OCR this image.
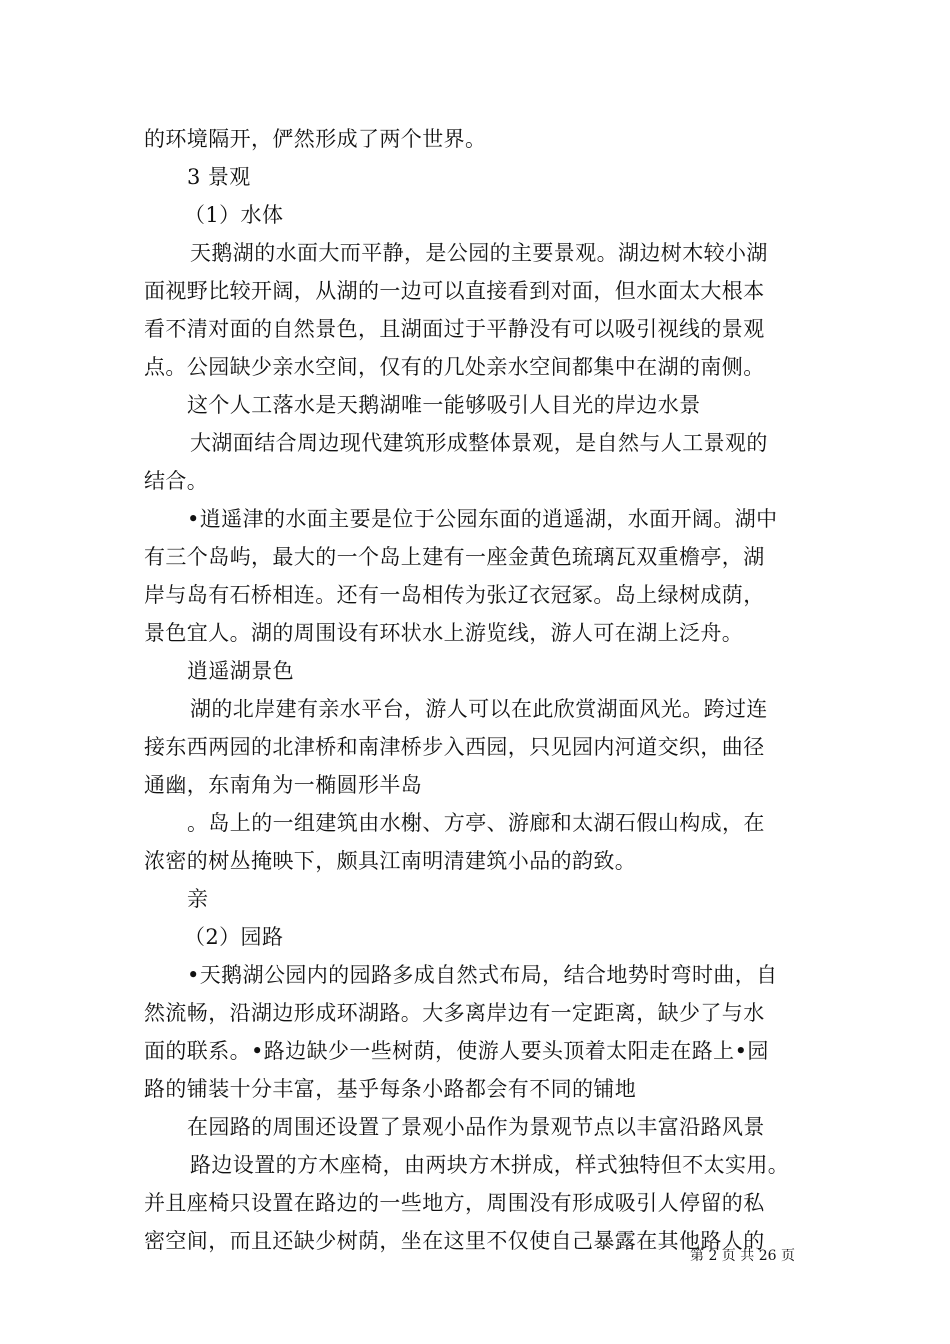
的环境隔开，俨然形成了两个世界。
3 景观
（1）水体
天鹅湖的水面大而平静，是公园的主要景观。湖边树木较小湖
面视野比较开阔，从湖的一边可以直接看到对面，但水面太大根本
看不清对面的自然景色，且湖面过于平静没有可以吸引视线的景观
点。公园缺少亲水空间，仅有的几处亲水空间都集中在湖的南侧。
这个人工落水是天鹅湖唯一能够吸引人目光的岸边水景
大湖面结合周边现代建筑形成整体景观，是自然与人工景观的
结合。
•逍遥津的水面主要是位于公园东面的逍遥湖，水面开阔。湖中
有三个岛屿，最大的一个岛上建有一座金黄色琉璃瓦双重檐亭，湖
岸与岛有石桥相连。还有一岛相传为张辽衣冠冢。岛上绿树成荫，
景色宜人。湖的周围设有环状水上游览线，游人可在湖上泛舟。
逍遥湖景色
湖的北岸建有亲水平台，游人可以在此欣赏湖面风光。跨过连
接东西两园的北津桥和南津桥步入西园，只见园内河道交织，曲径
通幽，东南角为一椭圆形半岛
。岛上的一组建筑由水榭、方亭、游廊和太湖石假山构成，在
浓密的树丛掩映下，颇具江南明清建筑小品的韵致。
亲
（2）园路
•天鹅湖公园内的园路多成自然式布局，结合地势时弯时曲，自
然流畅，沿湖边形成环湖路。大多离岸边有一定距离，缺少了与水
面的联系。•路边缺少一些树荫，使游人要头顶着太阳走在路上•园
路的铺装十分丰富，基乎每条小路都会有不同的铺地
在园路的周围还设置了景观小品作为景观节点以丰富沿路风景
路边设置的方木座椅，由两块方木拼成，样式独特但不太实用。
并且座椅只设置在路边的一些地方，周围没有形成吸引人停留的私
密空间，而且还缺少树荫，坐在这里不仅使自己暴露在其他路人的
第 2 页 共 26 页
